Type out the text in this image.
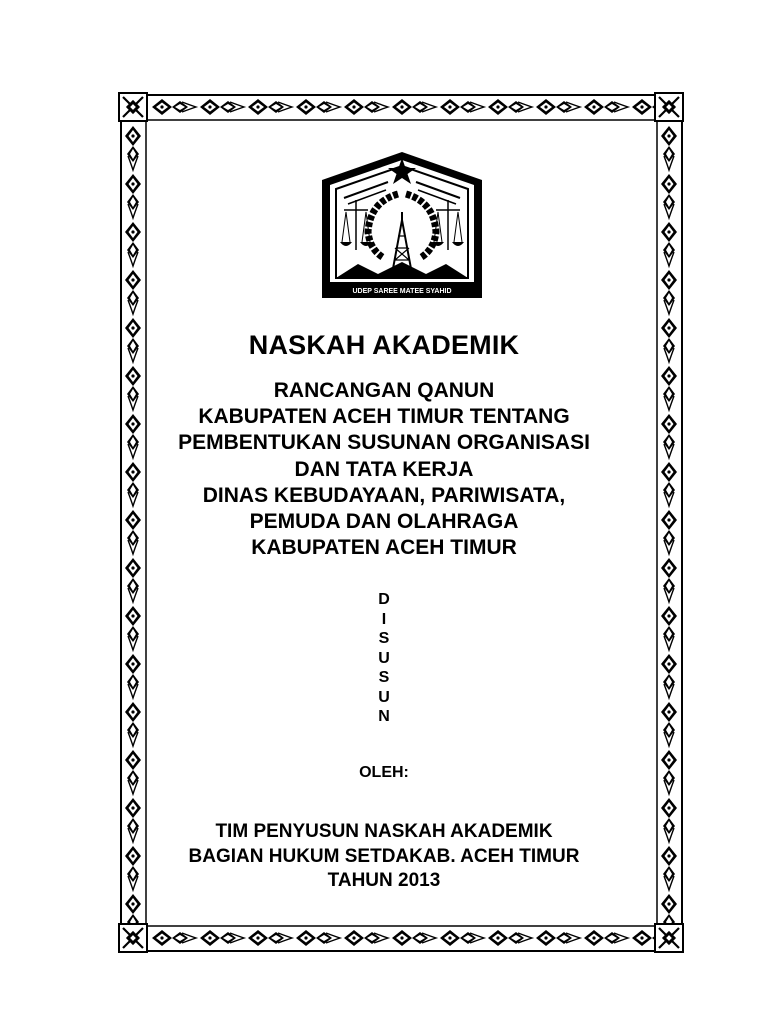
UDEP SAREE MATEE SYAHID
NASKAH AKADEMIK
RANCANGAN QANUN
KABUPATEN ACEH TIMUR TENTANG
PEMBENTUKAN SUSUNAN ORGANISASI
DAN TATA KERJA
DINAS KEBUDAYAAN, PARIWISATA,
PEMUDA DAN OLAHRAGA
KABUPATEN ACEH TIMUR
D
I
S
U
S
U
N
OLEH:
TIM PENYUSUN NASKAH AKADEMIK
BAGIAN HUKUM SETDAKAB. ACEH TIMUR
TAHUN 2013
